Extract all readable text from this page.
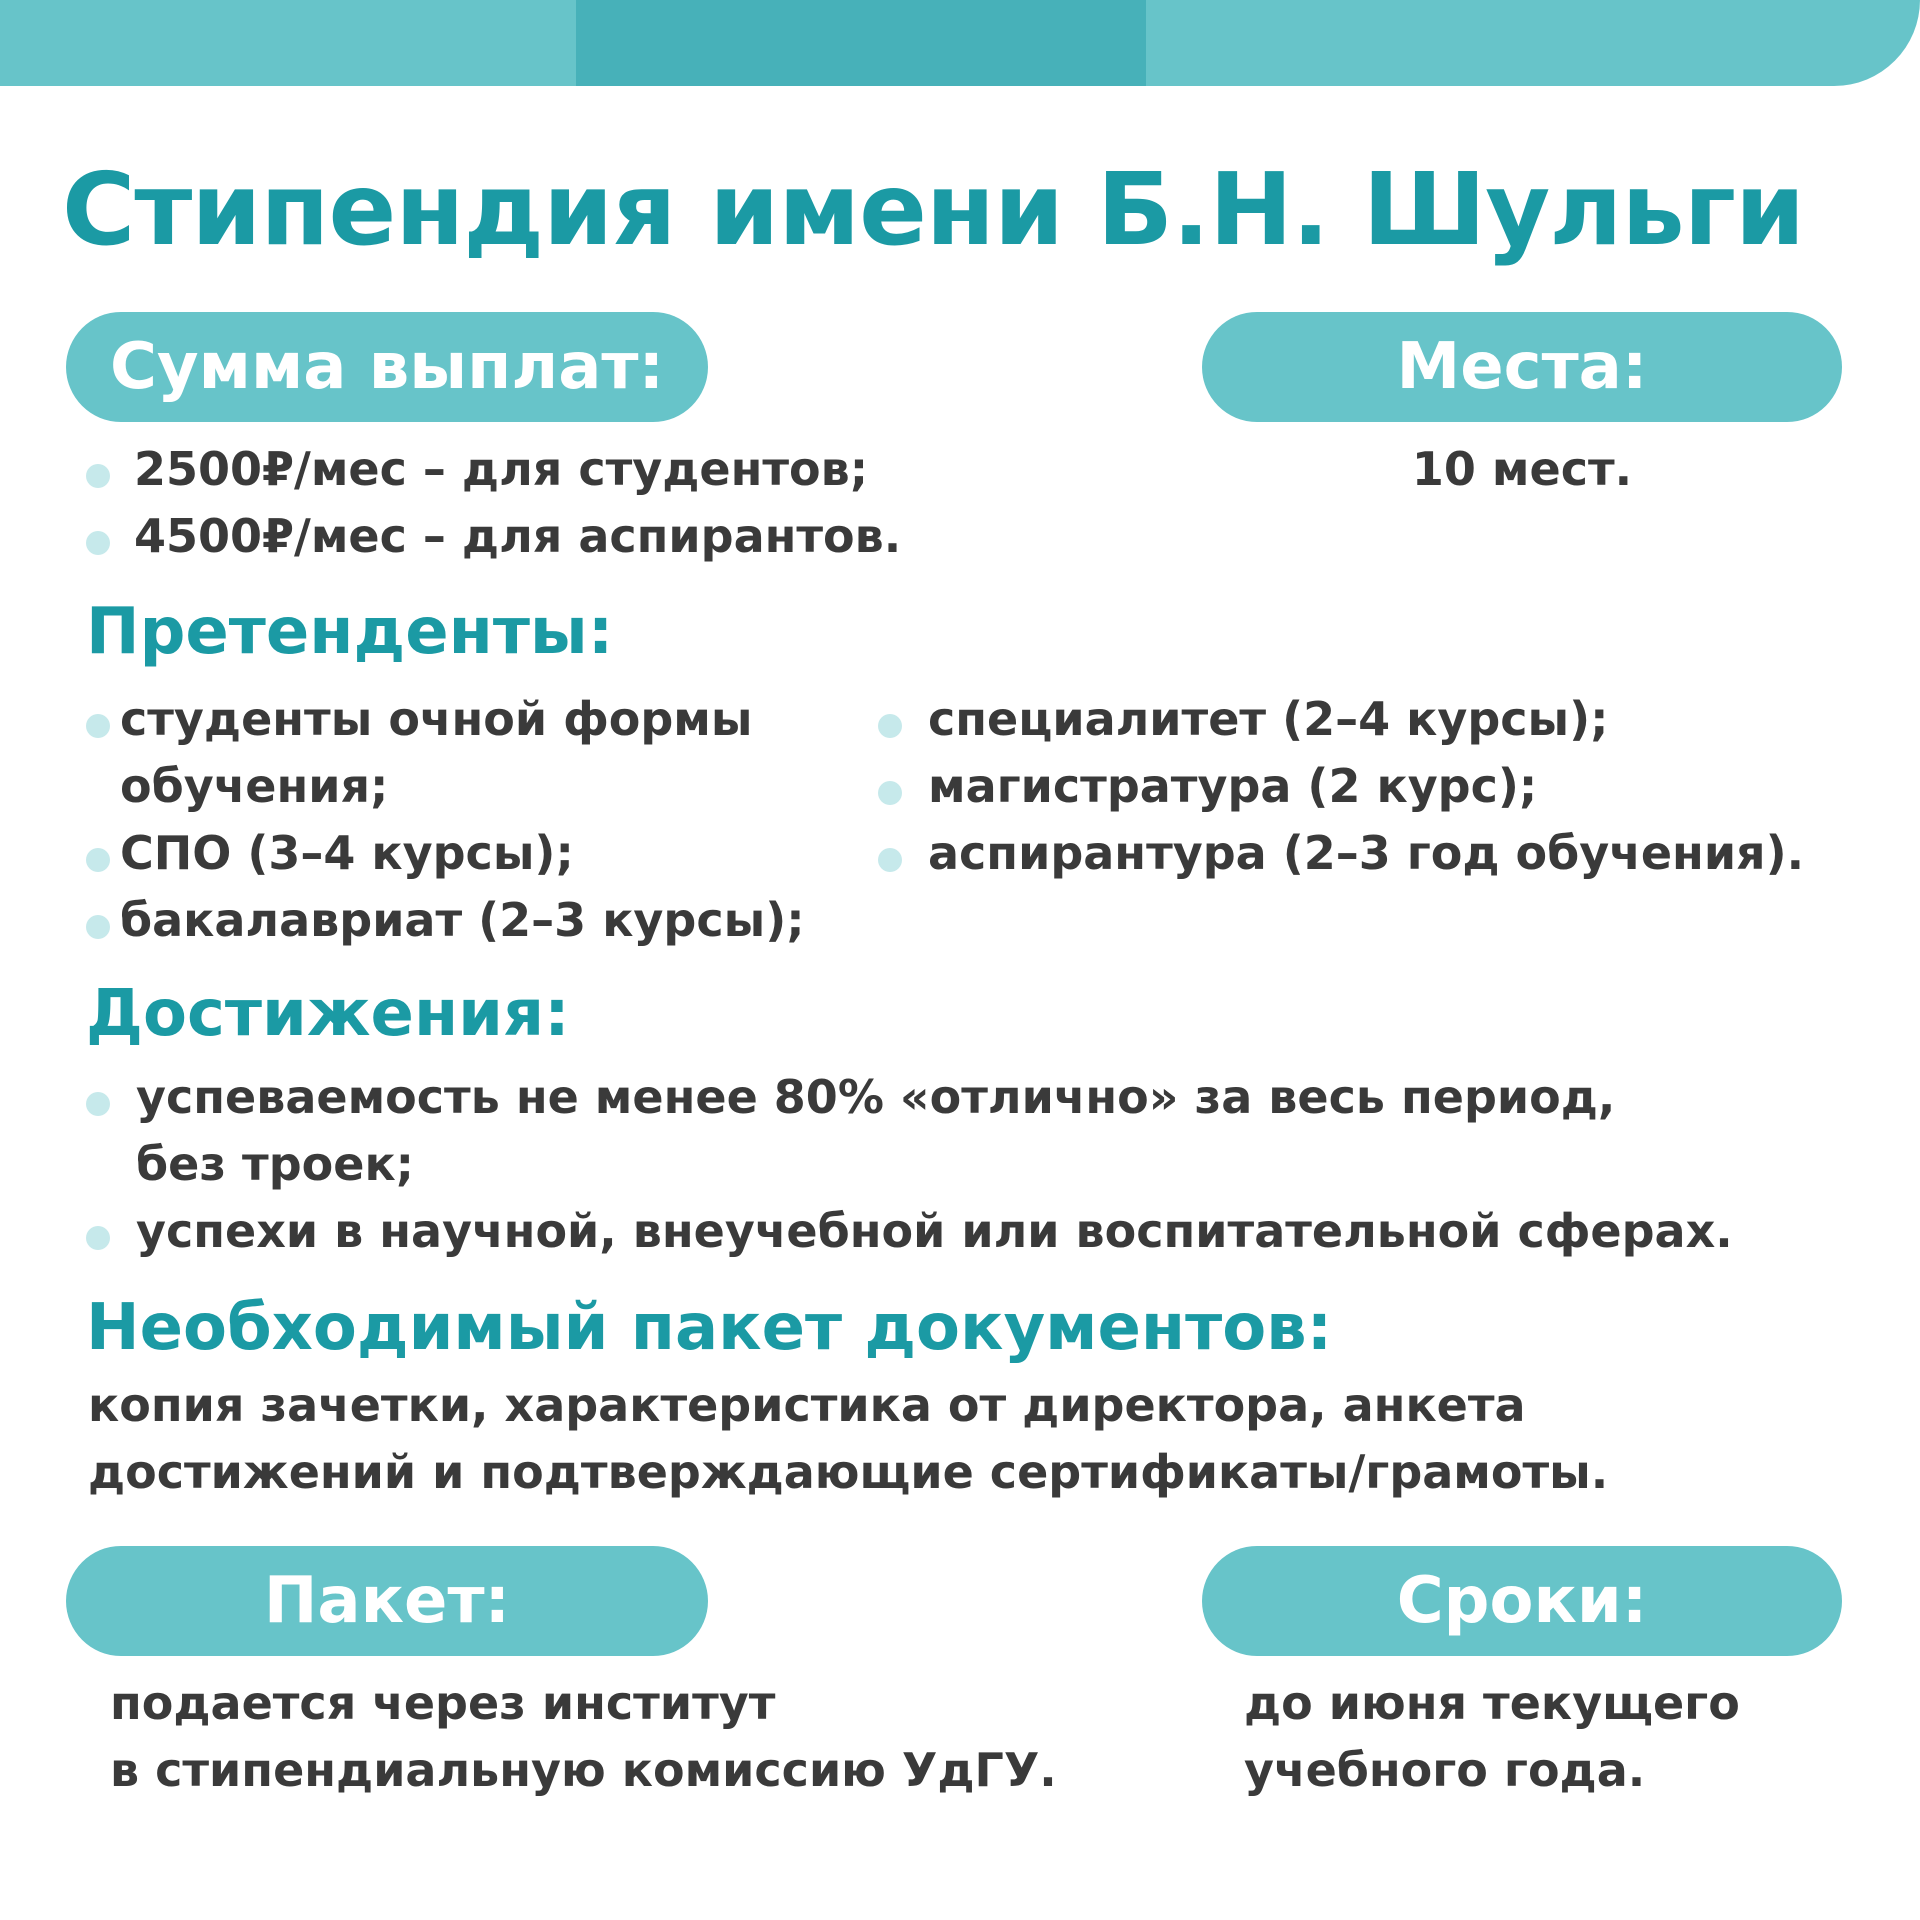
Стипендия имени Б.Н. Шульги
Сумма выплат:
2500₽/мес – для студентов;
4500₽/мес – для аспирантов.
Места:
10 мест.
Претенденты:
студенты очной формы
обучения;
СПО (3–4 курсы);
бакалавриат (2–3 курсы);
специалитет (2–4 курсы);
магистратура (2 курс);
аспирантура (2–3 год обучения).
Достижения:
успеваемость не менее 80% «отлично» за весь период,
без троек;
успехи в научной, внеучебной или воспитательной сферах.
Необходимый пакет документов:
копия зачетки, характеристика от директора, анкета
достижений и подтверждающие сертификаты/грамоты.
Пакет:
подается через институт
в стипендиальную комиссию УдГУ.
Сроки:
до июня текущего
учебного года.
